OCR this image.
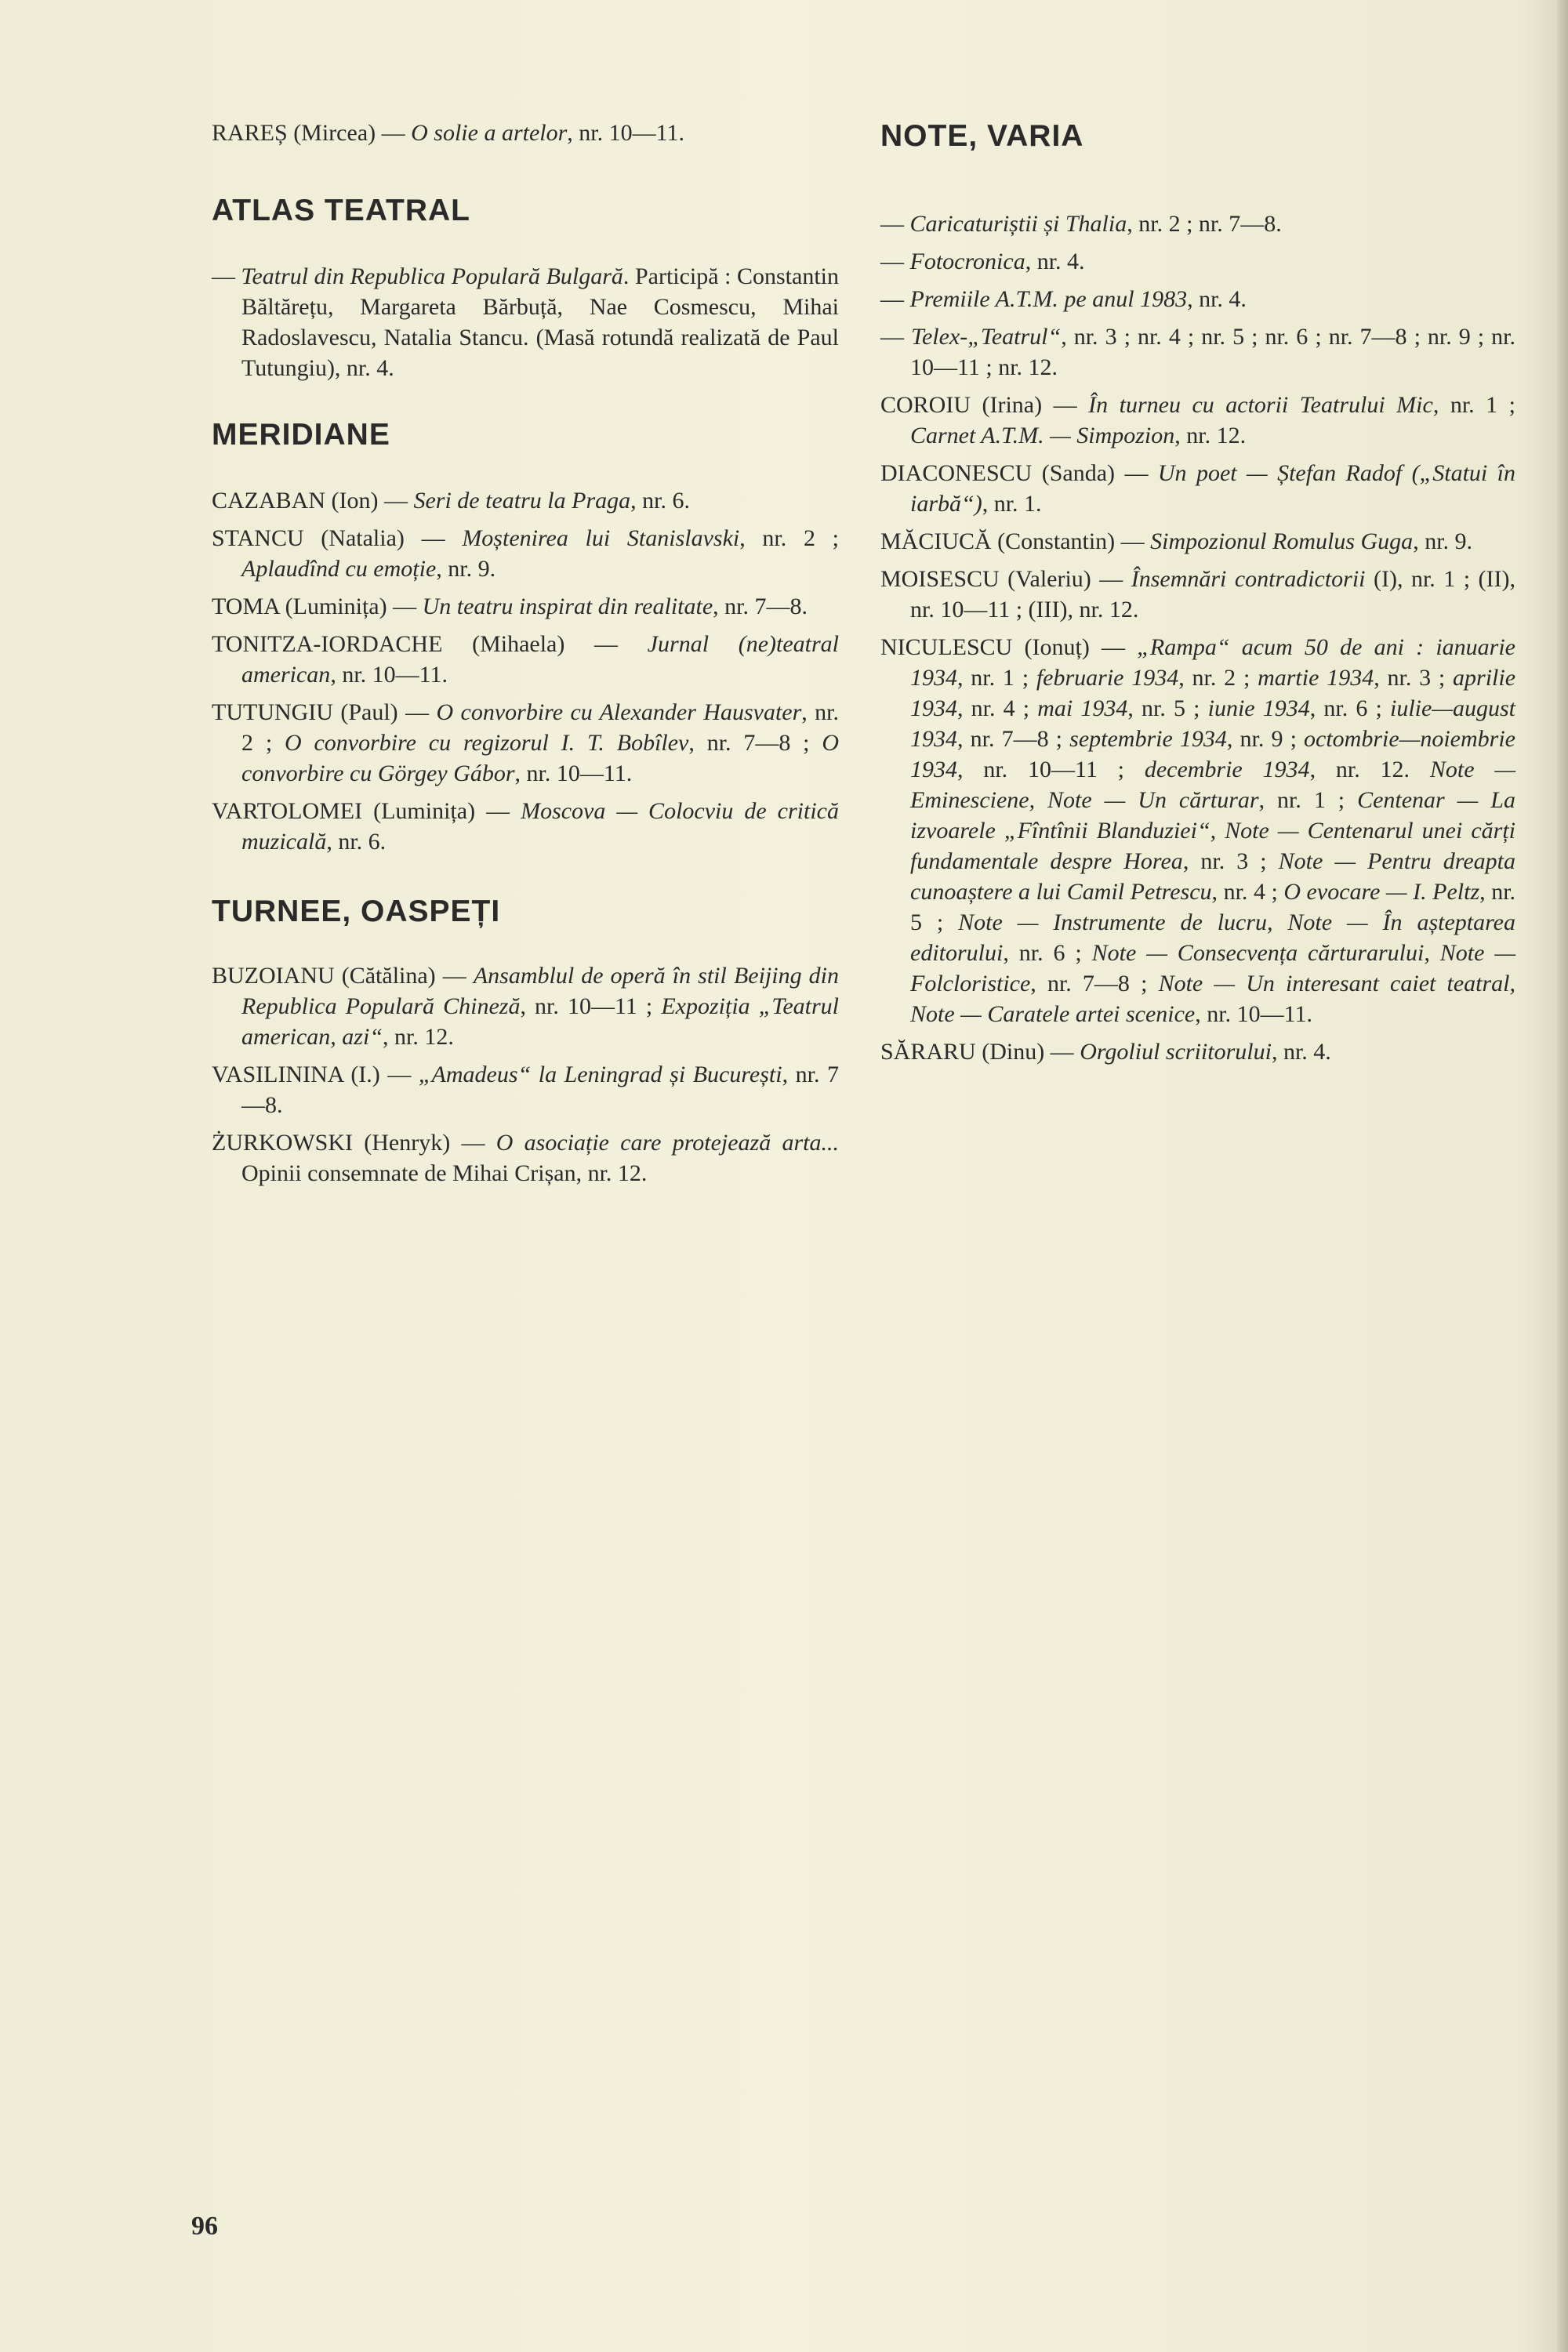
RAREȘ (Mircea) — O solie a artelor, nr. 10—11.

ATLAS TEATRAL

— Teatrul din Republica Populară Bulgară. Participă : Constantin Băltărețu, Margareta Bărbuță, Nae Cosmescu, Mihai Radoslavescu, Natalia Stancu. (Masă rotundă realizată de Paul Tutungiu), nr. 4.

MERIDIANE

CAZABAN (Ion) — Seri de teatru la Praga, nr. 6.

STANCU (Natalia) — Moștenirea lui Stanislavski, nr. 2 ; Aplaudînd cu emoție, nr. 9.

TOMA (Luminița) — Un teatru inspirat din realitate, nr. 7—8.

TONITZA-IORDACHE (Mihaela) — Jurnal (ne)teatral american, nr. 10—11.

TUTUNGIU (Paul) — O convorbire cu Alexander Hausvater, nr. 2 ; O convorbire cu regizorul I. T. Bobîlev, nr. 7—8 ; O convorbire cu Görgey Gábor, nr. 10—11.

VARTOLOMEI (Luminița) — Moscova — Colocviu de critică muzicală, nr. 6.

TURNEE, OASPEȚI

BUZOIANU (Cătălina) — Ansamblul de operă în stil Beijing din Republica Populară Chineză, nr. 10—11 ; Expoziția „Teatrul american, azi“, nr. 12.

VASILININA (I.) — „Amadeus“ la Leningrad și București, nr. 7—8.

ŻURKOWSKI (Henryk) — O asociație care protejează arta... Opinii consemnate de Mihai Crișan, nr. 12.

NOTE, VARIA

— Caricaturiștii și Thalia, nr. 2 ; nr. 7—8.

— Fotocronica, nr. 4.

— Premiile A.T.M. pe anul 1983, nr. 4.

— Telex-„Teatrul“, nr. 3 ; nr. 4 ; nr. 5 ; nr. 6 ; nr. 7—8 ; nr. 9 ; nr. 10—11 ; nr. 12.

COROIU (Irina) — În turneu cu actorii Teatrului Mic, nr. 1 ; Carnet A.T.M. — Simpozion, nr. 12.

DIACONESCU (Sanda) — Un poet — Ștefan Radof („Statui în iarbă“), nr. 1.

MĂCIUCĂ (Constantin) — Simpozionul Romulus Guga, nr. 9.

MOISESCU (Valeriu) — Însemnări contradictorii (I), nr. 1 ; (II), nr. 10—11 ; (III), nr. 12.

NICULESCU (Ionuț) — „Rampa“ acum 50 de ani : ianuarie 1934, nr. 1 ; februarie 1934, nr. 2 ; martie 1934, nr. 3 ; aprilie 1934, nr. 4 ; mai 1934, nr. 5 ; iunie 1934, nr. 6 ; iulie—august 1934, nr. 7—8 ; septembrie 1934, nr. 9 ; octombrie—noiembrie 1934, nr. 10—11 ; decembrie 1934, nr. 12. Note — Eminesciene, Note — Un cărturar, nr. 1 ; Centenar — La izvoarele „Fîntînii Blanduziei“, Note — Centenarul unei cărți fundamentale despre Horea, nr. 3 ; Note — Pentru dreapta cunoaștere a lui Camil Petrescu, nr. 4 ; O evocare — I. Peltz, nr. 5 ; Note — Instrumente de lucru, Note — În așteptarea editorului, nr. 6 ; Note — Consecvența cărturarului, Note — Folcloristice, nr. 7—8 ; Note — Un interesant caiet teatral, Note — Caratele artei scenice, nr. 10—11.

SĂRARU (Dinu) — Orgoliul scriitorului, nr. 4.

96
